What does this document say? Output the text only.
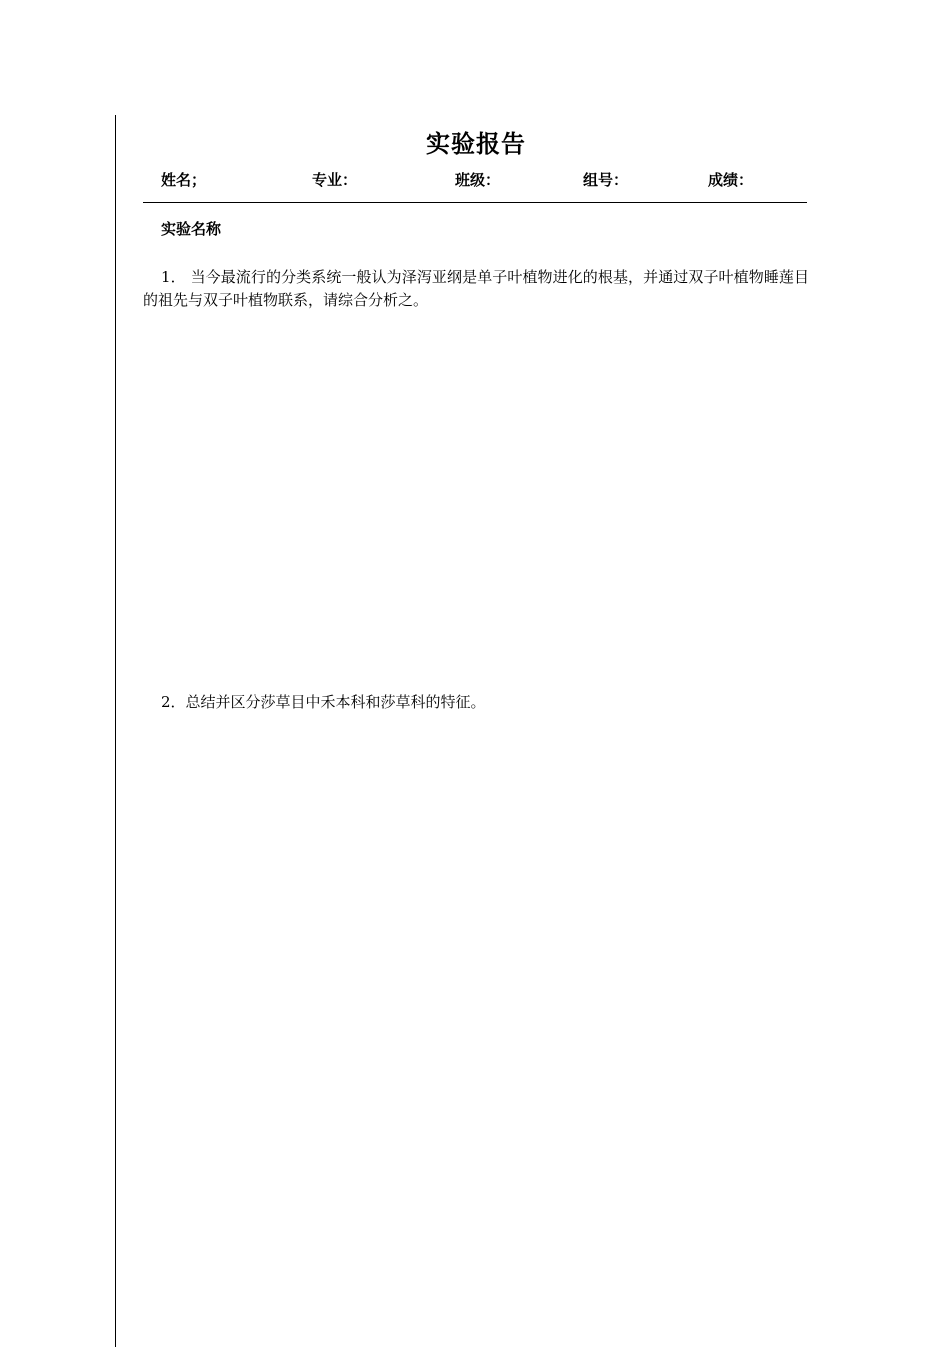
实验报告
姓名；	专业：	班级：	组号：	成绩：
实验名称
1． 当今最流行的分类系统一般认为泽泻亚纲是单子叶植物进化的根基，并通过双子叶植物睡莲目的祖先与双子叶植物联系，请综合分析之。
2．总结并区分莎草目中禾本科和莎草科的特征。
